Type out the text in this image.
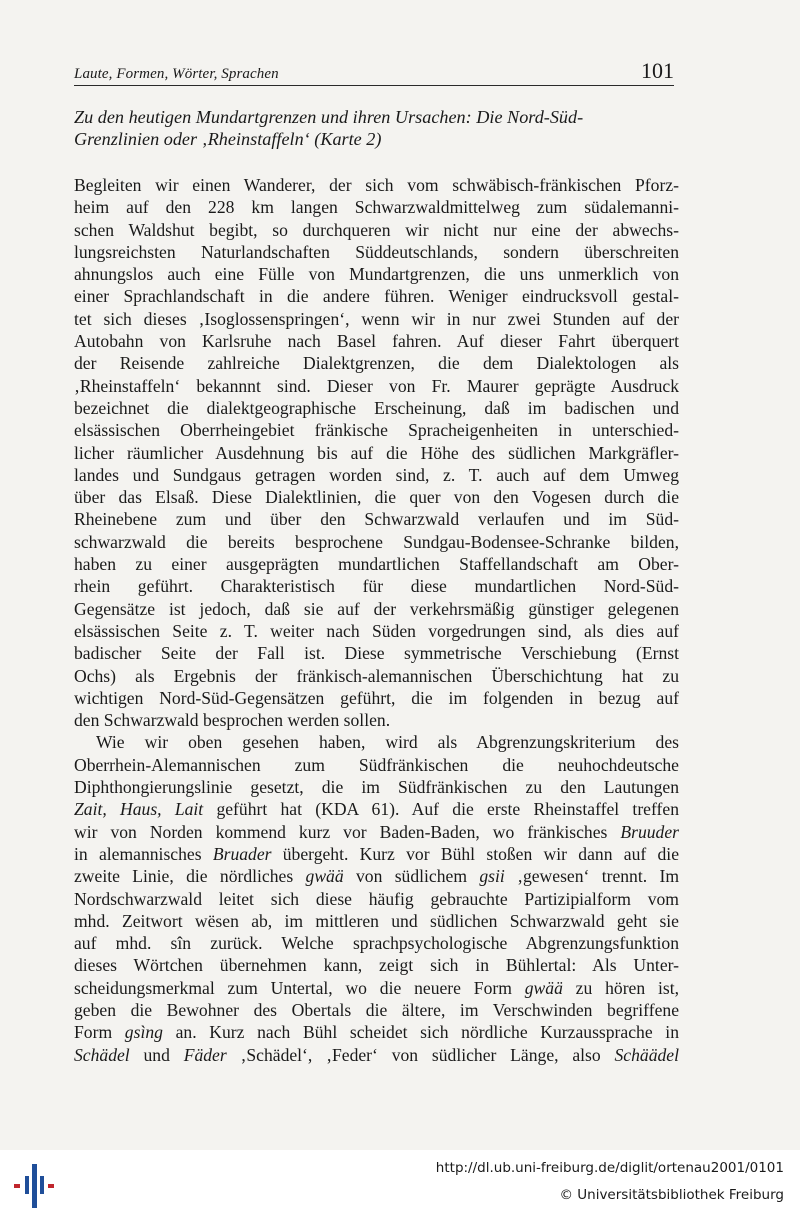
Laute, Formen, Wörter, Sprachen	101
Zu den heutigen Mundartgrenzen und ihren Ursachen: Die Nord-Süd-
Grenzlinien oder ‚Rheinstaffeln‘ (Karte 2)

Begleiten wir einen Wanderer, der sich vom schwäbisch-fränkischen Pforz-
heim auf den 228 km langen Schwarzwaldmittelweg zum südalemanni-
schen Waldshut begibt, so durchqueren wir nicht nur eine der abwechs-
lungsreichsten Naturlandschaften Süddeutschlands, sondern überschreiten
ahnungslos auch eine Fülle von Mundartgrenzen, die uns unmerklich von
einer Sprachlandschaft in die andere führen. Weniger eindrucksvoll gestal-
tet sich dieses ‚Isoglossenspringen‘, wenn wir in nur zwei Stunden auf der
Autobahn von Karlsruhe nach Basel fahren. Auf dieser Fahrt überquert
der Reisende zahlreiche Dialektgrenzen, die dem Dialektologen als
‚Rheinstaffeln‘ bekannnt sind. Dieser von Fr. Maurer geprägte Ausdruck
bezeichnet die dialektgeographische Erscheinung, daß im badischen und
elsässischen Oberrheingebiet fränkische Spracheigenheiten in unterschied-
licher räumlicher Ausdehnung bis auf die Höhe des südlichen Markgräfler-
landes und Sundgaus getragen worden sind, z. T. auch auf dem Umweg
über das Elsaß. Diese Dialektlinien, die quer von den Vogesen durch die
Rheinebene zum und über den Schwarzwald verlaufen und im Süd-
schwarzwald die bereits besprochene Sundgau-Bodensee-Schranke bilden,
haben zu einer ausgeprägten mundartlichen Staffellandschaft am Ober-
rhein geführt. Charakteristisch für diese mundartlichen Nord-Süd-
Gegensätze ist jedoch, daß sie auf der verkehrsmäßig günstiger gelegenen
elsässischen Seite z. T. weiter nach Süden vorgedrungen sind, als dies auf
badischer Seite der Fall ist. Diese symmetrische Verschiebung (Ernst
Ochs) als Ergebnis der fränkisch-alemannischen Überschichtung hat zu
wichtigen Nord-Süd-Gegensätzen geführt, die im folgenden in bezug auf
den Schwarzwald besprochen werden sollen.

Wie wir oben gesehen haben, wird als Abgrenzungskriterium des
Oberrhein-Alemannischen zum Südfränkischen die neuhochdeutsche
Diphthongierungslinie gesetzt, die im Südfränkischen zu den Lautungen
Zait, Haus, Lait geführt hat (KDA 61). Auf die erste Rheinstaffel treffen
wir von Norden kommend kurz vor Baden-Baden, wo fränkisches Bruuder
in alemannisches Bruader übergeht. Kurz vor Bühl stoßen wir dann auf die
zweite Linie, die nördliches gwää von südlichem gsii ‚gewesen‘ trennt. Im
Nordschwarzwald leitet sich diese häufig gebrauchte Partizipialform vom
mhd. Zeitwort wësen ab, im mittleren und südlichen Schwarzwald geht sie
auf mhd. sîn zurück. Welche sprachpsychologische Abgrenzungsfunktion
dieses Wörtchen übernehmen kann, zeigt sich in Bühlertal: Als Unter-
scheidungsmerkmal zum Untertal, wo die neuere Form gwää zu hören ist,
geben die Bewohner des Obertals die ältere, im Verschwinden begriffene
Form gsìng an. Kurz nach Bühl scheidet sich nördliche Kurzaussprache in
Schädel und Fäder ‚Schädel‘, ‚Feder‘ von südlicher Länge, also Schäädel

http://dl.ub.uni-freiburg.de/diglit/ortenau2001/0101
© Universitätsbibliothek Freiburg
